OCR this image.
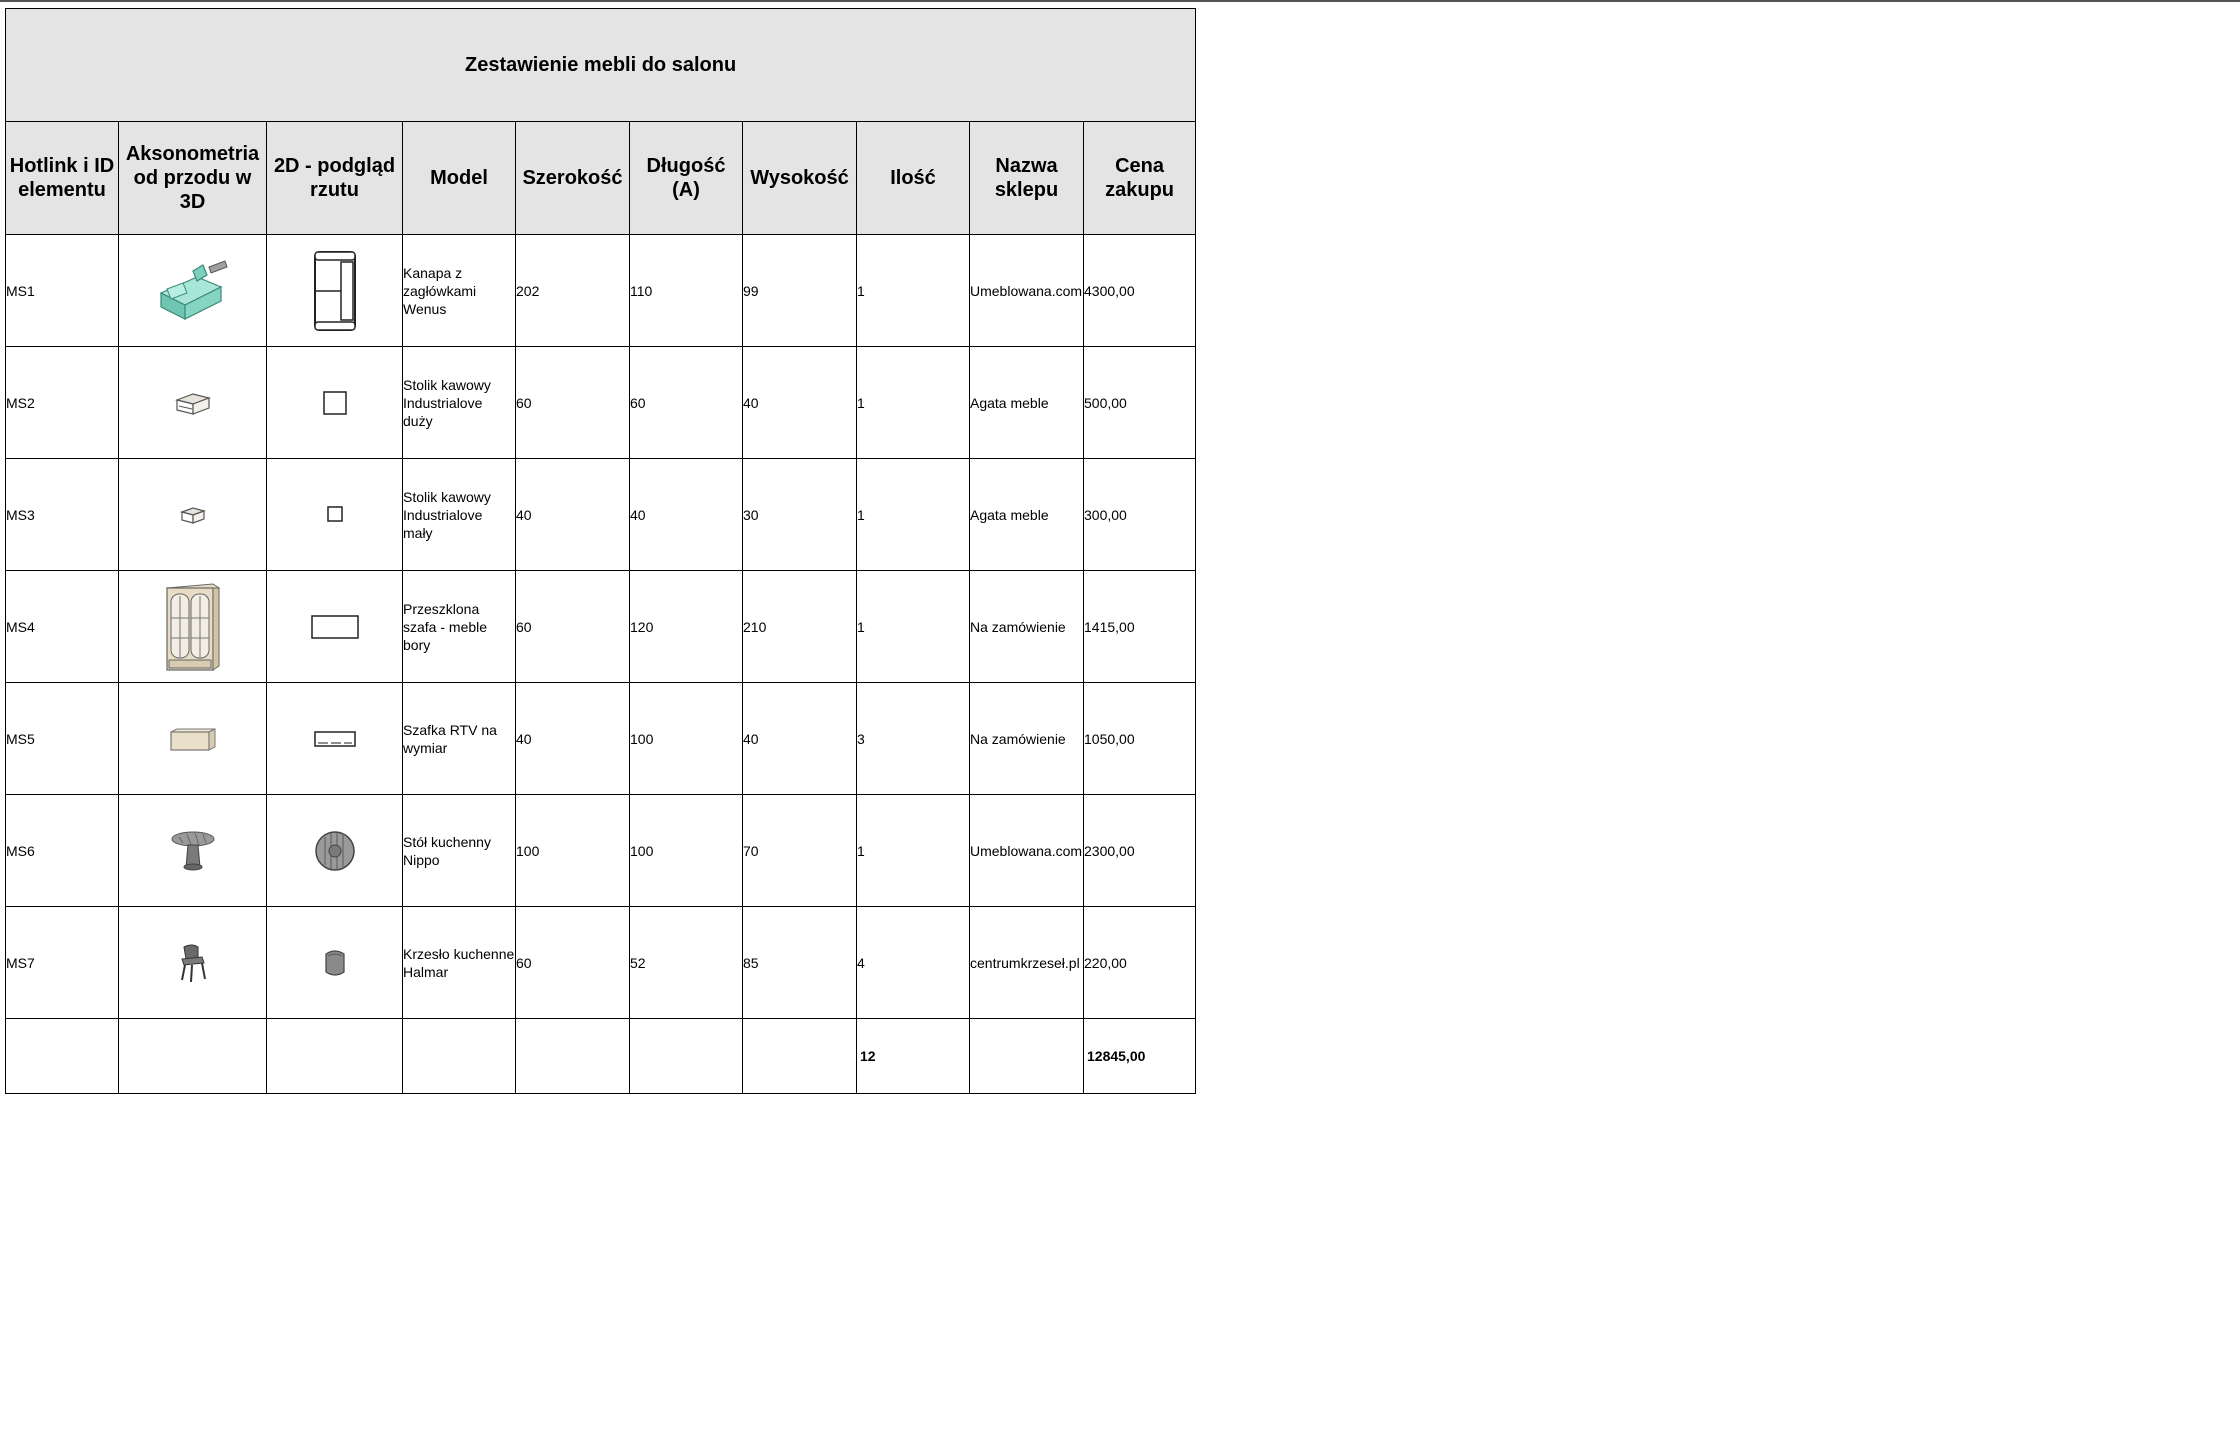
Zestawienie mebli do salonu									
Hotlink i ID elementu	Aksonometria od przodu w 3D	2D - podgląd rzutu	Model	Szerokość	Długość (A)	Wysokość	Ilość	Nazwa sklepu	Cena zakupu
MS1			Kanapa z zagłówkami Wenus	202	110	99	1	Umeblowana.com	4300,00
MS2			Stolik kawowy Industrialove duży	60	60	40	1	Agata meble	500,00
MS3			Stolik kawowy Industrialove mały	40	40	30	1	Agata meble	300,00
MS4			Przeszklona szafa - meble bory	60	120	210	1	Na zamówienie	1415,00
MS5			Szafka RTV na wymiar	40	100	40	3	Na zamówienie	1050,00
MS6			Stół kuchenny Nippo	100	100	70	1	Umeblowana.com	2300,00
MS7			Krzesło kuchenne Halmar	60	52	85	4	centrumkrzeseł.pl	220,00
							12		12845,00
